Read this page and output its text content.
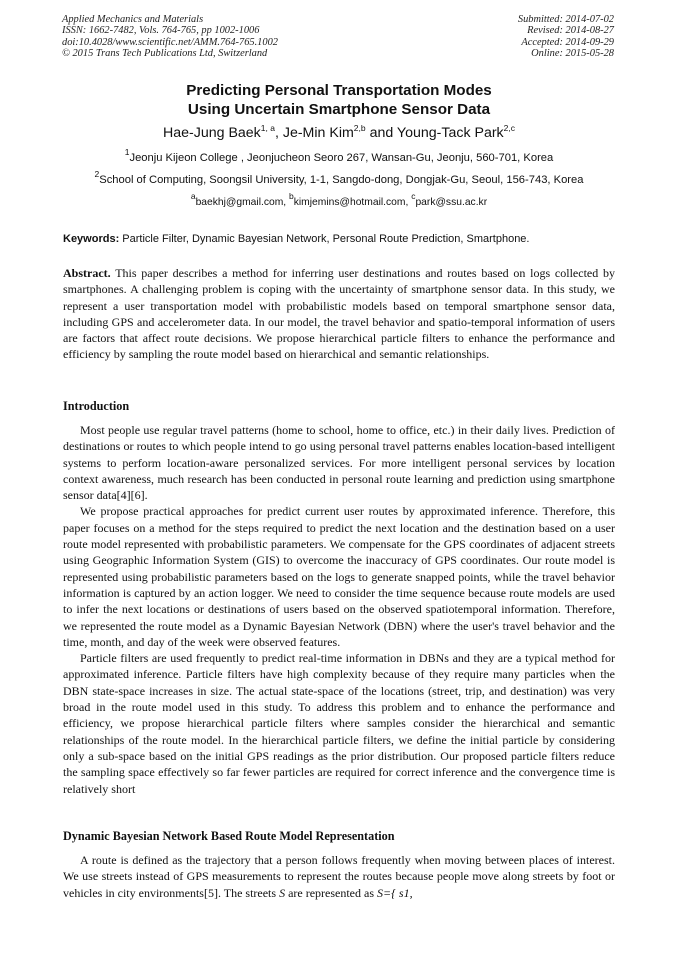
Applied Mechanics and Materials
ISSN: 1662-7482, Vols. 764-765, pp 1002-1006
doi:10.4028/www.scientific.net/AMM.764-765.1002
© 2015 Trans Tech Publications Ltd, Switzerland
Submitted: 2014-07-02
Revised: 2014-08-27
Accepted: 2014-09-29
Online: 2015-05-28
Predicting Personal Transportation Modes
Using Uncertain Smartphone Sensor Data
Hae-Jung Baek$^{1, a}$, Je-Min Kim$^{2,b}$ and Young-Tack Park$^{2,c}$
$^1$Jeonju Kijeon College , Jeonjucheon Seoro 267, Wansan-Gu, Jeonju, 560-701, Korea
$^2$School of Computing, Soongsil University, 1-1, Sangdo-dong, Dongjak-Gu, Seoul, 156-743, Korea
$^a$baekhj@gmail.com, $^b$kimjemins@hotmail.com, $^c$park@ssu.ac.kr
Keywords: Particle Filter, Dynamic Bayesian Network, Personal Route Prediction, Smartphone.

Abstract. This paper describes a method for inferring user destinations and routes based on logs collected by smartphones. A challenging problem is coping with the uncertainty of smartphone sensor data. In this study, we represent a user transportation model with probabilistic models based on temporal smartphone sensor data, including GPS and accelerometer data. In our model, the travel behavior and spatio-temporal information of users are factors that affect route decisions. We propose hierarchical particle filters to enhance the performance and efficiency by sampling the route model based on hierarchical and semantic relationships.

Introduction

Most people use regular travel patterns (home to school, home to office, etc.) in their daily lives. Prediction of destinations or routes to which people intend to go using personal travel patterns enables location-based intelligent systems to perform location-aware personalized services. For more intelligent personal services by location context awareness, much research has been conducted in personal route learning and prediction using smartphone sensor data[4][6].

We propose practical approaches for predict current user routes by approximated inference. Therefore, this paper focuses on a method for the steps required to predict the next location and the destination based on a user route model represented with probabilistic parameters. We compensate for the GPS coordinates of adjacent streets using Geographic Information System (GIS) to overcome the inaccuracy of GPS coordinates. Our route model is represented using probabilistic parameters based on the logs to generate snapped points, while the travel behavior information is captured by an action logger. We need to consider the time sequence because route models are used to infer the next locations or destinations of users based on the observed spatiotemporal information. Therefore, we represented the route model as a Dynamic Bayesian Network (DBN) where the user's travel behavior and the time, month, and day of the week were observed features.

Particle filters are used frequently to predict real-time information in DBNs and they are a typical method for approximated inference. Particle filters have high complexity because of they require many particles when the DBN state-space increases in size. The actual state-space of the locations (street, trip, and destination) was very broad in the route model used in this study. To address this problem and to enhance the performance and efficiency, we propose hierarchical particle filters where samples consider the hierarchical and semantic relationships of the route model. In the hierarchical particle filters, we define the initial particle by considering only a sub-space based on the initial GPS readings as the prior distribution. Our proposed particle filters reduce the sampling space effectively so far fewer particles are required for correct inference and the convergence time is relatively short

Dynamic Bayesian Network Based Route Model Representation

A route is defined as the trajectory that a person follows frequently when moving between places of interest. We use streets instead of GPS measurements to represent the routes because people move along streets by foot or vehicles in city environments[5]. The streets S are represented as S={ s1,
